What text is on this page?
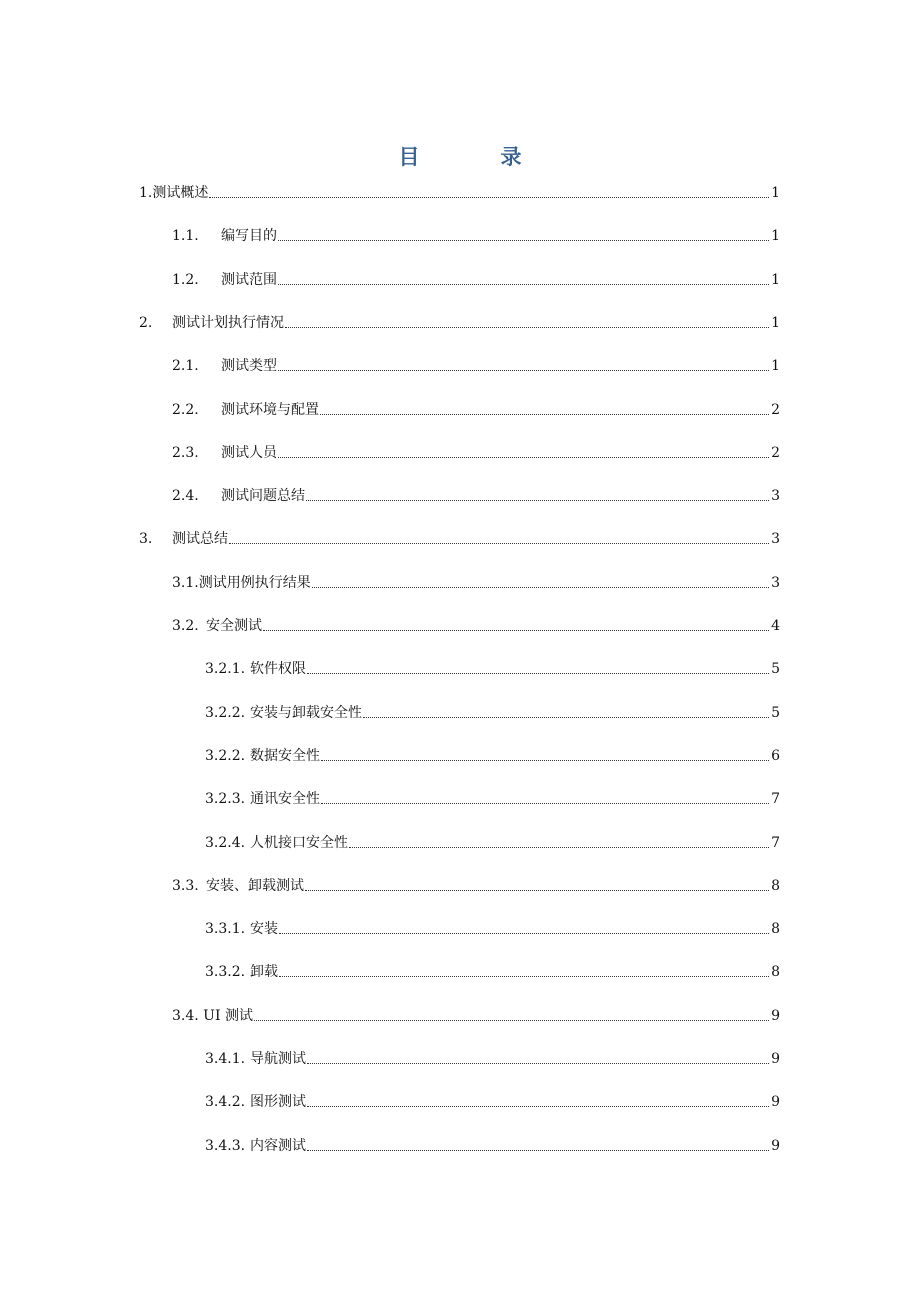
目　录
1.测试概述	1
1.1.	编写目的	1
1.2.	测试范围	1
2.	测试计划执行情况	1
2.1.	测试类型	1
2.2.	测试环境与配置	2
2.3.	测试人员	2
2.4.	测试问题总结	3
3.	测试总结	3
3.1.测试用例执行结果	3
3.2. 安全测试	4
3.2.1. 软件权限	5
3.2.2. 安装与卸载安全性	5
3.2.2. 数据安全性	6
3.2.3. 通讯安全性	7
3.2.4. 人机接口安全性	7
3.3. 安装、卸载测试	8
3.3.1. 安装	8
3.3.2. 卸载	8
3.4. UI 测试	9
3.4.1. 导航测试	9
3.4.2. 图形测试	9
3.4.3. 内容测试	9
